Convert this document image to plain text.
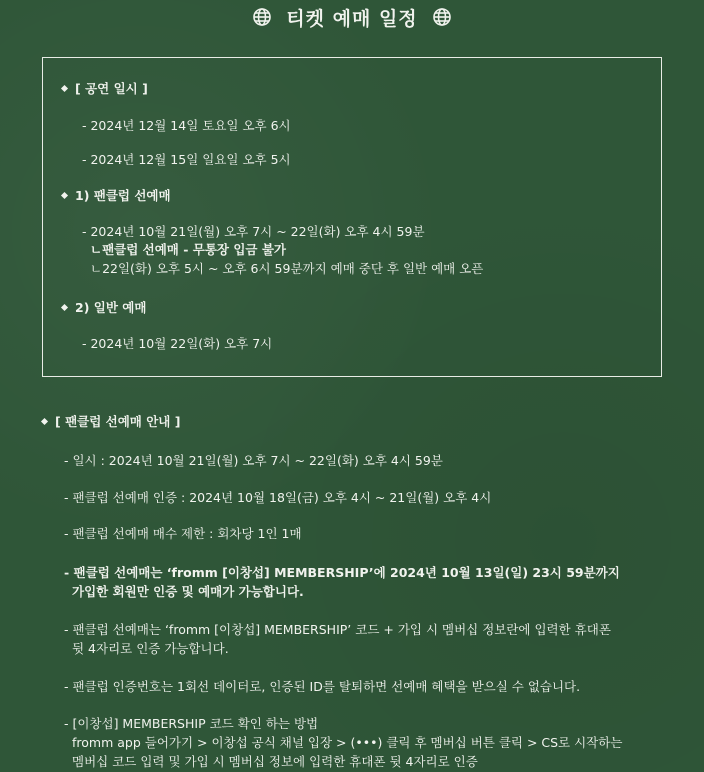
티켓 예매 일정
[ 공연 일시 ]
- 2024년 12월 14일 토요일 오후 6시
- 2024년 12월 15일 일요일 오후 5시
1) 팬클럽 선예매
- 2024년 10월 21일(월) 오후 7시 ~ 22일(화) 오후 4시 59분
ㄴ팬클럽 선예매 - 무통장 입금 불가
ㄴ22일(화) 오후 5시 ~ 오후 6시 59분까지 예매 중단 후 일반 예매 오픈
2) 일반 예매
- 2024년 10월 22일(화) 오후 7시
[ 팬클럽 선예매 안내 ]
- 일시 : 2024년 10월 21일(월) 오후 7시 ~ 22일(화) 오후 4시 59분
- 팬클럽 선예매 인증 : 2024년 10월 18일(금) 오후 4시 ~ 21일(월) 오후 4시
- 팬클럽 선예매 매수 제한 : 회차당 1인 1매
- 팬클럽 선예매는 ‘fromm [이창섭] MEMBERSHIP’에 2024년 10월 13일(일) 23시 59분까지
가입한 회원만 인증 및 예매가 가능합니다.
- 팬클럽 선예매는 ‘fromm [이창섭] MEMBERSHIP’ 코드 + 가입 시 멤버십 정보란에 입력한 휴대폰
뒷 4자리로 인증 가능합니다.
- 팬클럽 인증번호는 1회선 데이터로, 인증된 ID를 탈퇴하면 선예매 혜택을 받으실 수 없습니다.
- [이창섭] MEMBERSHIP 코드 확인 하는 방법
fromm app 들어가기 > 이창섭 공식 채널 입장 > (•••) 클릭 후 멤버십 버튼 클릭 > CS로 시작하는
멤버십 코드 입력 및 가입 시 멤버십 정보에 입력한 휴대폰 뒷 4자리로 인증
